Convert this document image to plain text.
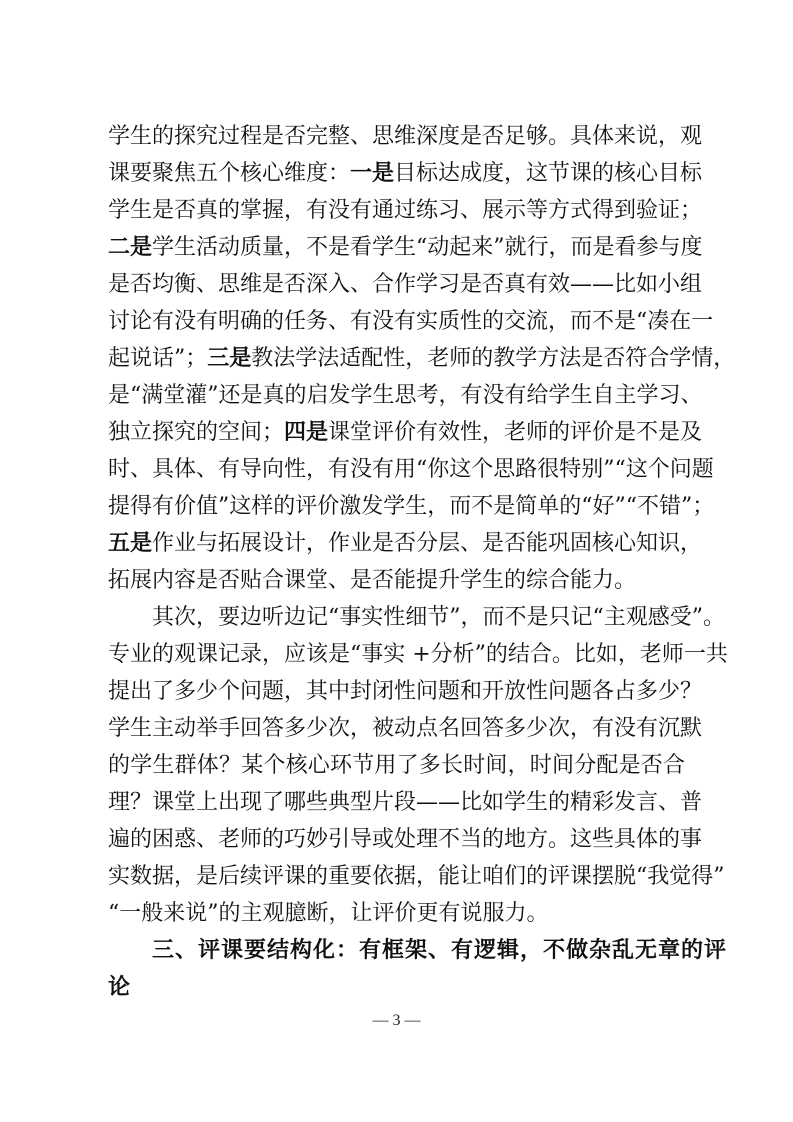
学生的探究过程是否完整、思维深度是否足够。具体来说，观
课要聚焦五个核心维度：一是目标达成度，这节课的核心目标
学生是否真的掌握，有没有通过练习、展示等方式得到验证；
二是学生活动质量，不是看学生“动起来”就行，而是看参与度
是否均衡、思维是否深入、合作学习是否真有效——比如小组
讨论有没有明确的任务、有没有实质性的交流，而不是“凑在一
起说话”；三是教法学法适配性，老师的教学方法是否符合学情，
是“满堂灌”还是真的启发学生思考，有没有给学生自主学习、
独立探究的空间；四是课堂评价有效性，老师的评价是不是及
时、具体、有导向性，有没有用“你这个思路很特别”“这个问题
提得有价值”这样的评价激发学生，而不是简单的“好”“不错”；
五是作业与拓展设计，作业是否分层、是否能巩固核心知识，
拓展内容是否贴合课堂、是否能提升学生的综合能力。
其次，要边听边记“事实性细节”，而不是只记“主观感受”。
专业的观课记录，应该是“事实 +分析”的结合。比如，老师一共
提出了多少个问题，其中封闭性问题和开放性问题各占多少？
学生主动举手回答多少次，被动点名回答多少次，有没有沉默
的学生群体？某个核心环节用了多长时间，时间分配是否合
理？课堂上出现了哪些典型片段——比如学生的精彩发言、普
遍的困惑、老师的巧妙引导或处理不当的地方。这些具体的事
实数据，是后续评课的重要依据，能让咱们的评课摆脱“我觉得”
“一般来说”的主观臆断，让评价更有说服力。
三、评课要结构化：有框架、有逻辑，不做杂乱无章的评
论
— 3 —
